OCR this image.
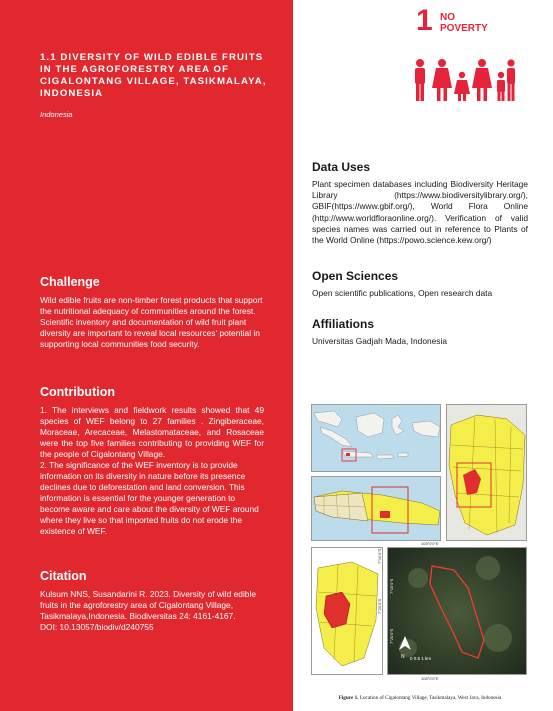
1.1 DIVERSITY OF WILD EDIBLE FRUITS IN THE AGROFORESTRY AREA OF CIGALONTANG VILLAGE, TASIKMALAYA, INDONESIA
Indonesia
Challenge
Wild edible fruits are non-timber forest products that support the nutritional adequacy of communities around the forest. Scientific inventory and documentation of wild fruit plant diversity are important to reveal local resources' potential in supporting local communities food security.
Contribution
1. The interviews and fieldwork results showed that 49 species of WEF belong to 27 families . Zingiberaceae, Moraceae, Arecaceae, Melastomataceae, and Rosaceae were the top five families contributing to providing WEF for the people of Cigalontang Village.
2. The significance of the WEF inventory is to provide information on its diversity in nature before its presence declines due to deforestation and land conversion. This information is essential for the younger generation to become aware and care about the diversity of WEF around where they live so that imported fruits do not erode the existence of WEF.
Citation
Kulsum NNS, Susandarini R. 2023. Diversity of wild edible fruits in the agroforestry area of Cigalontang Village, Tasikmalaya,Indonesia. Biodiversitas 24: 4161-4167.
DOI: 10.13057/biodiv/d240755
1 NO
POVERTY
Data Uses
Plant specimen databases including Biodiversity Heritage Library (https://www.biodiversitylibrary.org/), GBIF(https://www.gbif.org/), World Flora Online (http://www.worldfloraonline.org/). Verification of valid species names was carried out in reference to Plants of the World Online (https://powo.science.kew.org/)
Open Sciences
Open scientific publications, Open research data
Affiliations
Universitas Gadjah Mada, Indonesia
N 0 0.5 1 km
108°0'0"E
108°0'0"E
7°15'0"S
7°20'0"S
7°15'0"S
7°20'0"S
Figure 1. Location of Cigalontang Village, Tasikmalaya, West Java, Indonesia
